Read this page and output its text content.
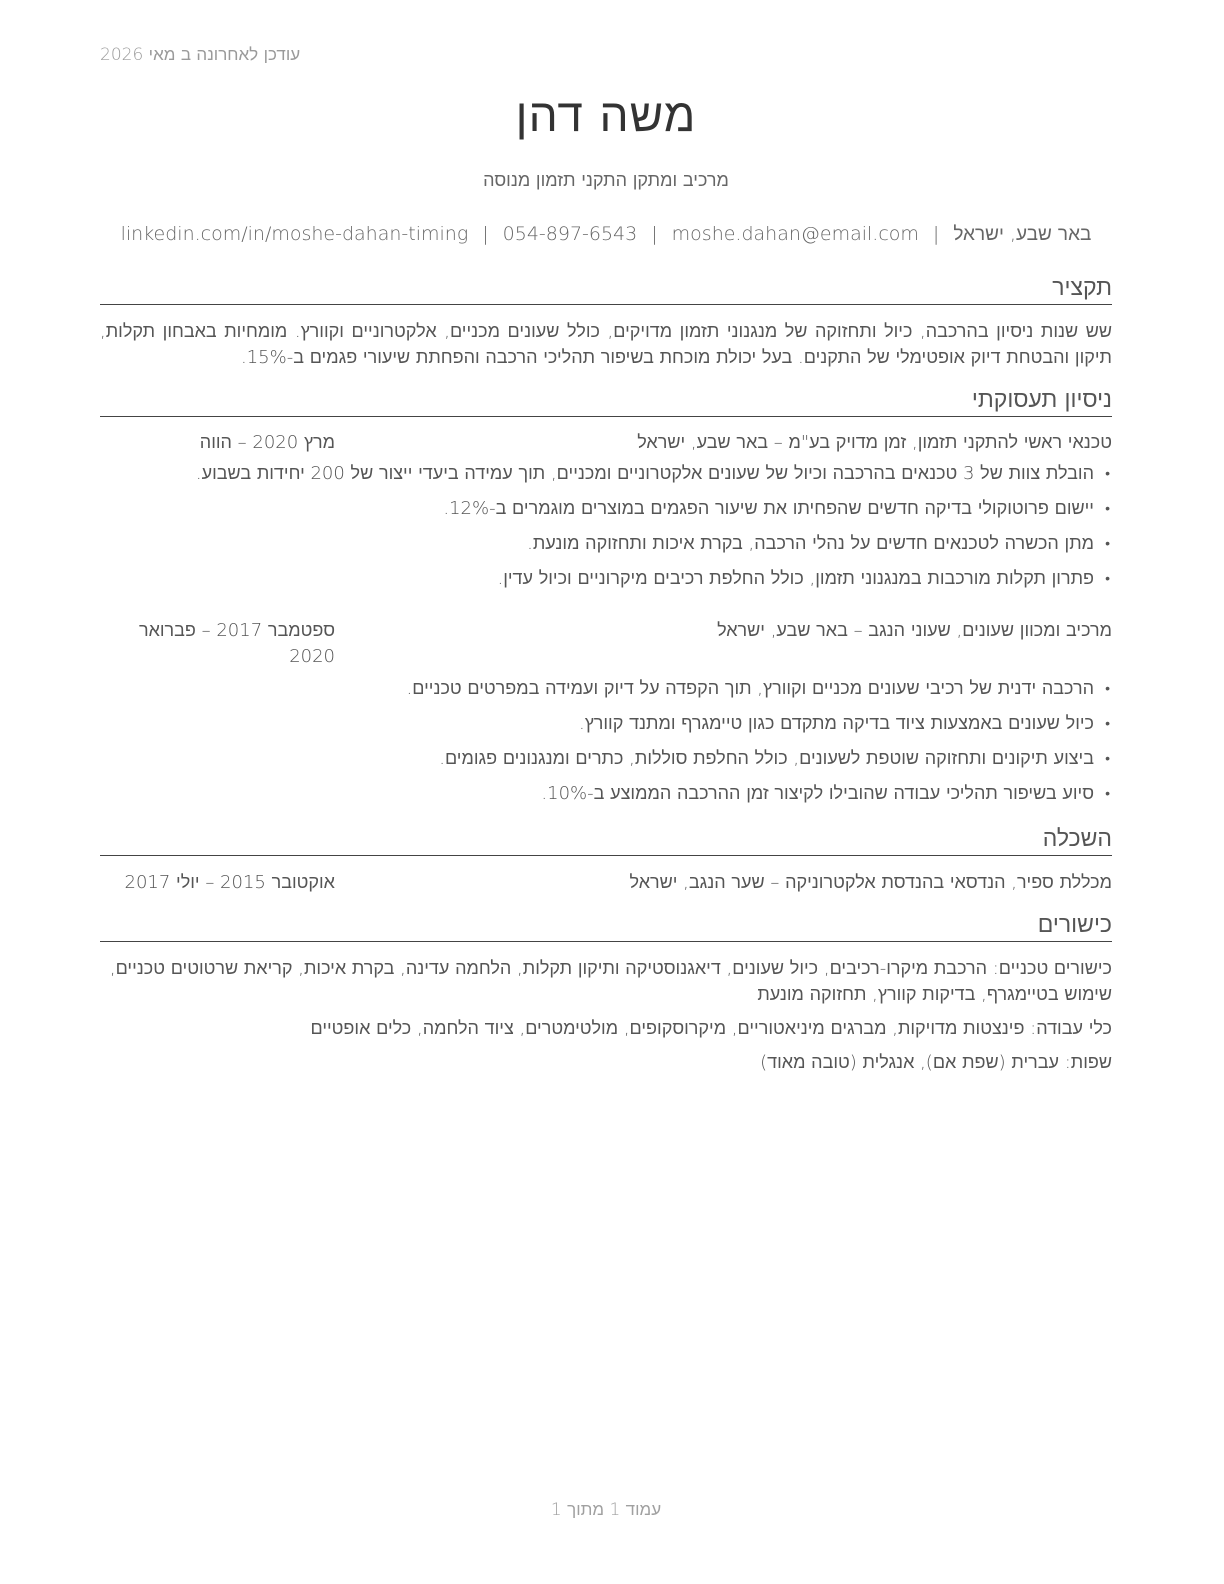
עודכן לאחרונה ב מאי 2026
משה דהן
מרכיב ומתקן התקני תזמון מנוסה
באר שבע, ישראל|moshe.dahan@email.com|054-897-6543|linkedin.com/in/moshe-dahan-timing
תקציר
שש שנות ניסיון בהרכבה, כיול ותחזוקה של מנגנוני תזמון מדויקים, כולל שעונים מכניים, אלקטרוניים וקוורץ. מומחיות באבחון תקלות, תיקון והבטחת דיוק אופטימלי של התקנים. בעל יכולת מוכחת בשיפור תהליכי הרכבה והפחתת שיעורי פגמים ב-15%.
ניסיון תעסוקתי
טכנאי ראשי להתקני תזמון, זמן מדויק בע"מ – באר שבע, ישראל
מרץ 2020 – הווה
• הובלת צוות של 3 טכנאים בהרכבה וכיול של שעונים אלקטרוניים ומכניים, תוך עמידה ביעדי ייצור של 200 יחידות בשבוע.
• יישום פרוטוקולי בדיקה חדשים שהפחיתו את שיעור הפגמים במוצרים מוגמרים ב-12%.
• מתן הכשרה לטכנאים חדשים על נהלי הרכבה, בקרת איכות ותחזוקה מונעת.
• פתרון תקלות מורכבות במנגנוני תזמון, כולל החלפת רכיבים מיקרוניים וכיול עדין.
מרכיב ומכוון שעונים, שעוני הנגב – באר שבע, ישראל
ספטמבר 2017 – פברואר 2020
• הרכבה ידנית של רכיבי שעונים מכניים וקוורץ, תוך הקפדה על דיוק ועמידה במפרטים טכניים.
• כיול שעונים באמצעות ציוד בדיקה מתקדם כגון טיימגרף ומתנד קוורץ.
• ביצוע תיקונים ותחזוקה שוטפת לשעונים, כולל החלפת סוללות, כתרים ומנגנונים פגומים.
• סיוע בשיפור תהליכי עבודה שהובילו לקיצור זמן ההרכבה הממוצע ב-10%.
השכלה
מכללת ספיר, הנדסאי בהנדסת אלקטרוניקה – שער הנגב, ישראל
אוקטובר 2015 – יולי 2017
כישורים
כישורים טכניים: הרכבת מיקרו-רכיבים, כיול שעונים, דיאגנוסטיקה ותיקון תקלות, הלחמה עדינה, בקרת איכות, קריאת שרטוטים טכניים, שימוש בטיימגרף, בדיקות קוורץ, תחזוקה מונעת
כלי עבודה: פינצטות מדויקות, מברגים מיניאטוריים, מיקרוסקופים, מולטימטרים, ציוד הלחמה, כלים אופטיים
שפות: עברית (שפת אם), אנגלית (טובה מאוד)
עמוד 1 מתוך 1
